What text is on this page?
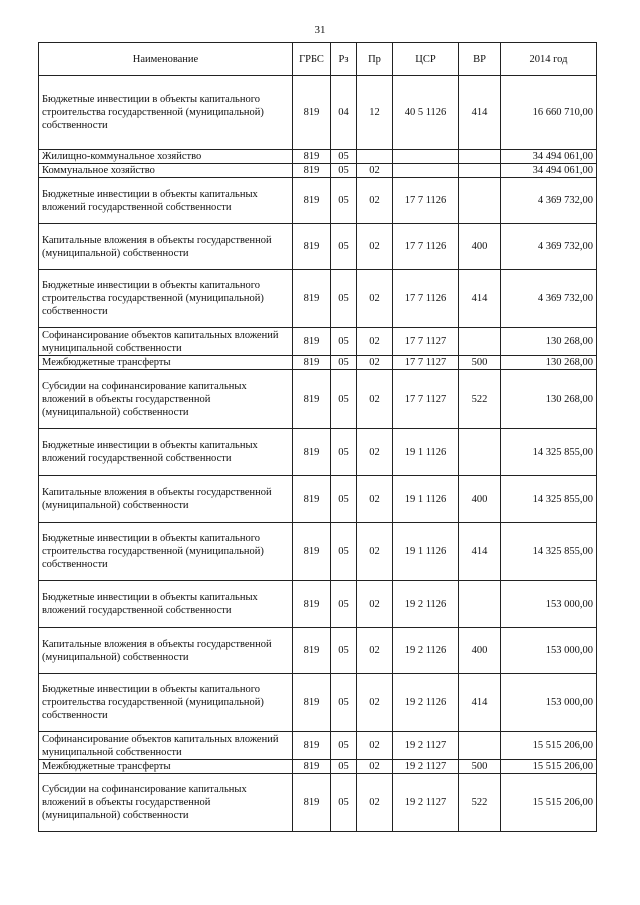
31
Наименование	ГРБС	Рз	Пр	ЦСР	ВР	2014 год
Бюджетные инвестиции в объекты капитального строительства государственной (муниципальной) собственности	819	04	12	40 5 1126	414	16 660 710,00
Жилищно-коммунальное хозяйство	819	05				34 494 061,00
Коммунальное хозяйство	819	05	02			34 494 061,00
Бюджетные инвестиции в объекты капитальных вложений государственной собственности	819	05	02	17 7 1126		4 369 732,00
Капитальные вложения в объекты государственной (муниципальной) собственности	819	05	02	17 7 1126	400	4 369 732,00
Бюджетные инвестиции в объекты капитального строительства государственной (муниципальной) собственности	819	05	02	17 7 1126	414	4 369 732,00
Софинансирование объектов капитальных вложений муниципальной собственности	819	05	02	17 7 1127		130 268,00
Межбюджетные трансферты	819	05	02	17 7 1127	500	130 268,00
Субсидии на софинансирование капитальных вложений в объекты государственной (муниципальной) собственности	819	05	02	17 7 1127	522	130 268,00
Бюджетные инвестиции в объекты капитальных вложений государственной собственности	819	05	02	19 1 1126		14 325 855,00
Капитальные вложения в объекты государственной (муниципальной) собственности	819	05	02	19 1 1126	400	14 325 855,00
Бюджетные инвестиции в объекты капитального строительства государственной (муниципальной) собственности	819	05	02	19 1 1126	414	14 325 855,00
Бюджетные инвестиции в объекты капитальных вложений государственной собственности	819	05	02	19 2 1126		153 000,00
Капитальные вложения в объекты государственной (муниципальной) собственности	819	05	02	19 2 1126	400	153 000,00
Бюджетные инвестиции в объекты капитального строительства государственной (муниципальной) собственности	819	05	02	19 2 1126	414	153 000,00
Софинансирование объектов капитальных вложений муниципальной собственности	819	05	02	19 2 1127		15 515 206,00
Межбюджетные трансферты	819	05	02	19 2 1127	500	15 515 206,00
Субсидии на софинансирование капитальных вложений в объекты государственной (муниципальной) собственности	819	05	02	19 2 1127	522	15 515 206,00
